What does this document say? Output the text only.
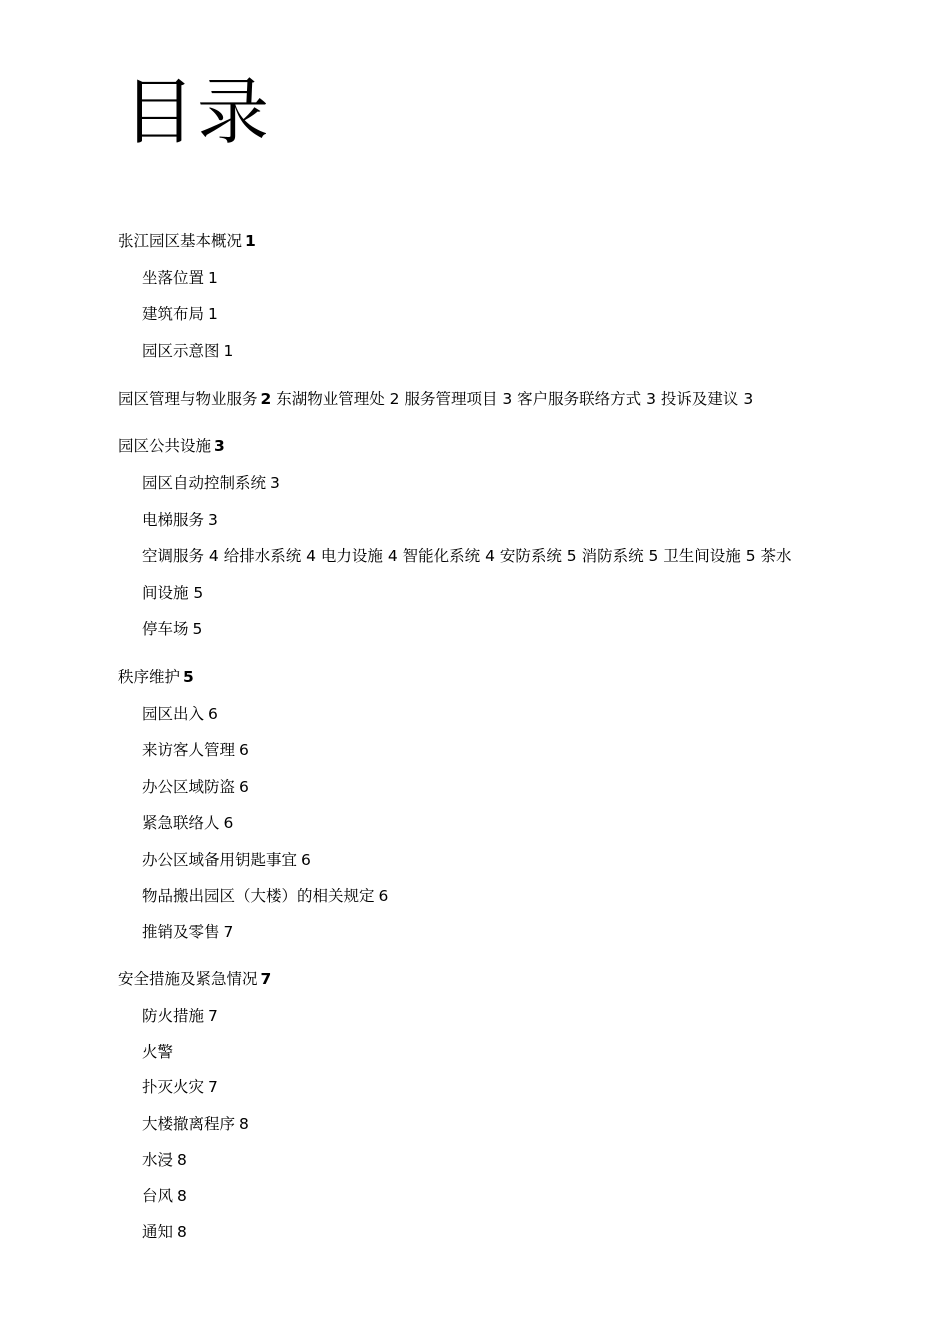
目录
张江园区基本概况 1
坐落位置 1
建筑布局 1
园区示意图 1
园区管理与物业服务 2 东湖物业管理处 2 服务管理项目 3 客户服务联络方式 3 投诉及建议 3
园区公共设施 3
园区自动控制系统 3
电梯服务 3
空调服务 4 给排水系统 4 电力设施 4 智能化系统 4 安防系统 5 消防系统 5 卫生间设施 5 茶水
间设施 5
停车场 5
秩序维护 5
园区出入 6
来访客人管理 6
办公区域防盗 6
紧急联络人 6
办公区域备用钥匙事宜 6
物品搬出园区（大楼）的相关规定 6
推销及零售 7
安全措施及紧急情况 7
防火措施 7
火警
扑灭火灾 7
大楼撤离程序 8
水浸 8
台风 8
通知 8
